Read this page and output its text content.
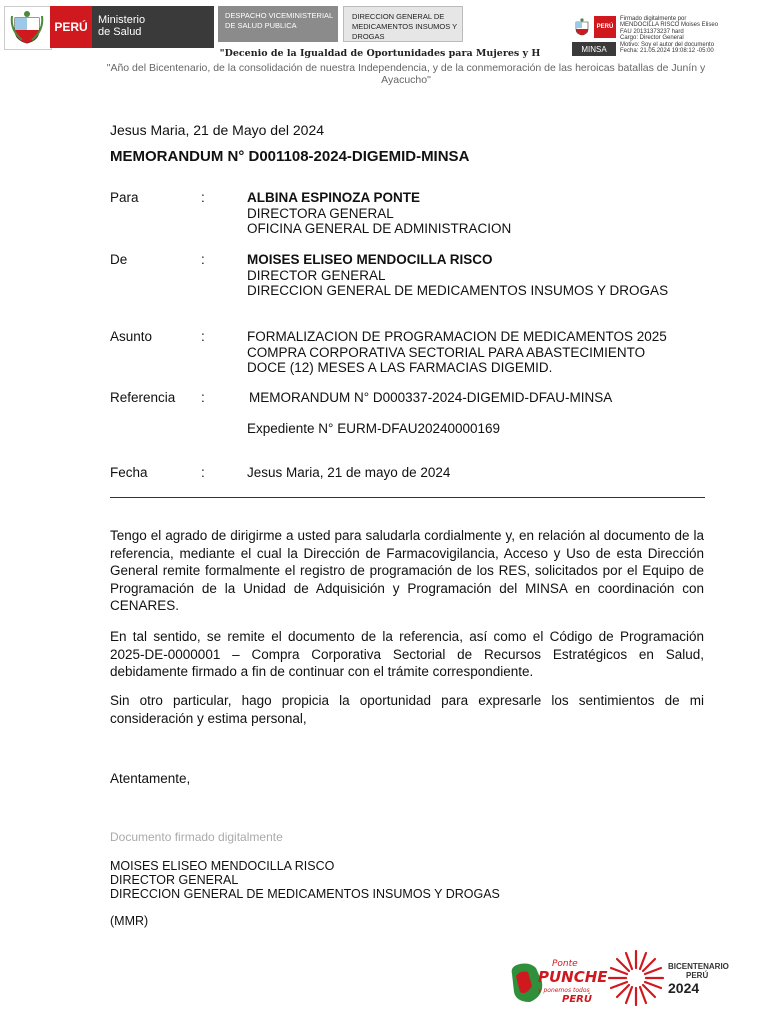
PERÚ Ministerio
de Salud
DESPACHO VICEMINISTERIAL DE SALUD PUBLICA
DIRECCION GENERAL DE MEDICAMENTOS INSUMOS Y DROGAS
PERÚ
MINSA
Firmado digitalmente por
MENDOCILLA RISCO Moises Eliseo
FAU 20131373237 hard
Cargo: Director General
Motivo: Soy el autor del documento
Fecha: 21.05.2024 19:08:12 -05:00
"Decenio de la Igualdad de Oportunidades para Mujeres y H
"Año del Bicentenario, de la consolidación de nuestra Independencia, y de la conmemoración de las heroicas batallas de Junín y Ayacucho"
Jesus Maria, 21 de Mayo del 2024
MEMORANDUM N° D001108-2024-DIGEMID-MINSA
Para	:	ALBINA ESPINOZA PONTE
DIRECTORA GENERAL
OFICINA GENERAL DE ADMINISTRACION
De	:	MOISES ELISEO MENDOCILLA RISCO
DIRECTOR GENERAL
DIRECCION GENERAL DE MEDICAMENTOS INSUMOS Y DROGAS
Asunto	:	FORMALIZACION DE PROGRAMACION DE MEDICAMENTOS 2025
COMPRA CORPORATIVA SECTORIAL PARA ABASTECIMIENTO
DOCE (12) MESES A LAS FARMACIAS DIGEMID.
Referencia :	MEMORANDUM N° D000337-2024-DIGEMID-DFAU-MINSA
Expediente N° EURM-DFAU20240000169
Fecha	:	Jesus Maria, 21 de mayo de 2024
Tengo el agrado de dirigirme a usted para saludarla cordialmente y, en relación al documento de la referencia, mediante el cual la Dirección de Farmacovigilancia, Acceso y Uso de esta Dirección General remite formalmente el registro de programación de los RES, solicitados por el Equipo de Programación de la Unidad de Adquisición y Programación del MINSA en coordinación con CENARES.
En tal sentido, se remite el documento de la referencia, así como el Código de Programación 2025-DE-0000001 – Compra Corporativa Sectorial de Recursos Estratégicos en Salud, debidamente firmado a fin de continuar con el trámite correspondiente.
Sin otro particular, hago propicia la oportunidad para expresarle los sentimientos de mi consideración y estima personal,
Atentamente,
Documento firmado digitalmente
MOISES ELISEO MENDOCILLA RISCO
DIRECTOR GENERAL
DIRECCION GENERAL DE MEDICAMENTOS INSUMOS Y DROGAS
(MMR)
Ponte
PUNCHE
y ponemos todos
PERÚ
BICENTENARIO
PERÚ
2024
